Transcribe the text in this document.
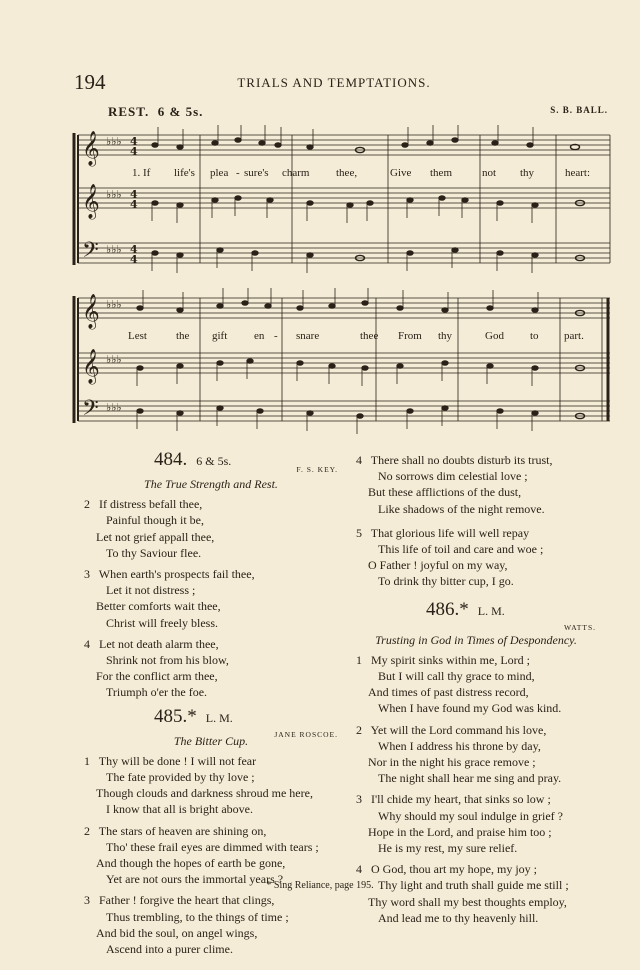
194	TRIALS AND TEMPTATIONS.
REST. 6 & 5s.	S. B. BALL.
𝄞
𝄞
𝄢
♭♭♭
♭♭♭
♭♭♭
4
4
4
4
4
4
1. If life's plea - sure's charm thee,	Give them	not thy	heart:
𝄞
𝄞
𝄢
♭♭♭
♭♭♭
♭♭♭
Lest	the gift en - snare	thee From thy	God to part.
484. 6 & 5s.
F. S. KEY.
The True Strength and Rest.
2 If distress befall thee,
Painful though it be,
Let not grief appall thee,
To thy Saviour flee.
3 When earth's prospects fail thee,
Let it not distress ;
Better comforts wait thee,
Christ will freely bless.
4 Let not death alarm thee,
Shrink not from his blow,
For the conflict arm thee,
Triumph o'er the foe.
485.* L. M.
JANE ROSCOE.
The Bitter Cup.
1 Thy will be done ! I will not fear
The fate provided by thy love ;
Though clouds and darkness shroud me here,
I know that all is bright above.
2 The stars of heaven are shining on,
Tho' these frail eyes are dimmed with tears ;
And though the hopes of earth be gone,
Yet are not ours the immortal years ?
3 Father ! forgive the heart that clings,
Thus trembling, to the things of time ;
And bid the soul, on angel wings,
Ascend into a purer clime.
4 There shall no doubts disturb its trust,
No sorrows dim celestial love ;
But these afflictions of the dust,
Like shadows of the night remove.
5 That glorious life will well repay
This life of toil and care and woe ;
O Father ! joyful on my way,
To drink thy bitter cup, I go.
486.* L. M.
WATTS.
Trusting in God in Times of Despondency.
1 My spirit sinks within me, Lord ;
But I will call thy grace to mind,
And times of past distress record,
When I have found my God was kind.
2 Yet will the Lord command his love,
When I address his throne by day,
Nor in the night his grace remove ;
The night shall hear me sing and pray.
3 I'll chide my heart, that sinks so low ;
Why should my soul indulge in grief ?
Hope in the Lord, and praise him too ;
He is my rest, my sure relief.
4 O God, thou art my hope, my joy ;
Thy light and truth shall guide me still ;
Thy word shall my best thoughts employ,
And lead me to thy heavenly hill.
* Sing Reliance, page 195.
